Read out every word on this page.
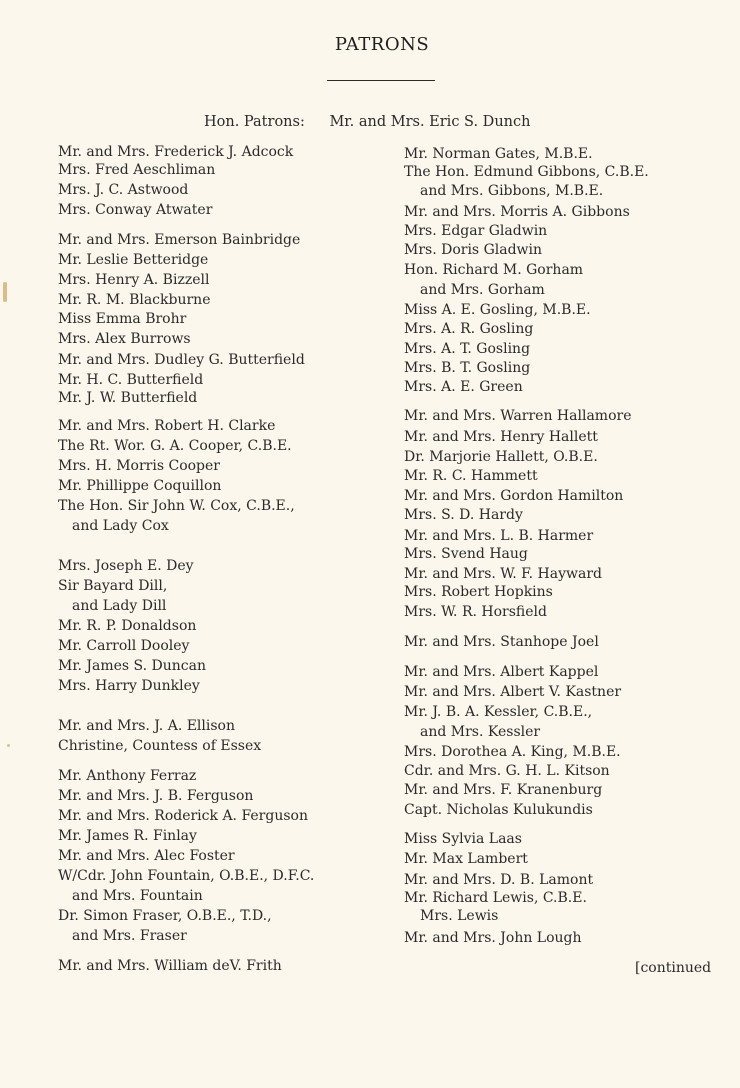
PATRONS
Hon. Patrons: Mr. and Mrs. Eric S. Dunch
Mr. and Mrs. Frederick J. Adcock
Mrs. Fred Aeschliman
Mrs. J. C. Astwood
Mrs. Conway Atwater
Mr. and Mrs. Emerson Bainbridge
Mr. Leslie Betteridge
Mrs. Henry A. Bizzell
Mr. R. M. Blackburne
Miss Emma Brohr
Mrs. Alex Burrows
Mr. and Mrs. Dudley G. Butterfield
Mr. H. C. Butterfield
Mr. J. W. Butterfield
Mr. and Mrs. Robert H. Clarke
The Rt. Wor. G. A. Cooper, C.B.E.
Mrs. H. Morris Cooper
Mr. Phillippe Coquillon
The Hon. Sir John W. Cox, C.B.E.,
and Lady Cox
Mrs. Joseph E. Dey
Sir Bayard Dill,
and Lady Dill
Mr. R. P. Donaldson
Mr. Carroll Dooley
Mr. James S. Duncan
Mrs. Harry Dunkley
Mr. and Mrs. J. A. Ellison
Christine, Countess of Essex
Mr. Anthony Ferraz
Mr. and Mrs. J. B. Ferguson
Mr. and Mrs. Roderick A. Ferguson
Mr. James R. Finlay
Mr. and Mrs. Alec Foster
W/Cdr. John Fountain, O.B.E., D.F.C.
and Mrs. Fountain
Dr. Simon Fraser, O.B.E., T.D.,
and Mrs. Fraser
Mr. and Mrs. William deV. Frith
Mr. Norman Gates, M.B.E.
The Hon. Edmund Gibbons, C.B.E.
and Mrs. Gibbons, M.B.E.
Mr. and Mrs. Morris A. Gibbons
Mrs. Edgar Gladwin
Mrs. Doris Gladwin
Hon. Richard M. Gorham
and Mrs. Gorham
Miss A. E. Gosling, M.B.E.
Mrs. A. R. Gosling
Mrs. A. T. Gosling
Mrs. B. T. Gosling
Mrs. A. E. Green
Mr. and Mrs. Warren Hallamore
Mr. and Mrs. Henry Hallett
Dr. Marjorie Hallett, O.B.E.
Mr. R. C. Hammett
Mr. and Mrs. Gordon Hamilton
Mrs. S. D. Hardy
Mr. and Mrs. L. B. Harmer
Mrs. Svend Haug
Mr. and Mrs. W. F. Hayward
Mrs. Robert Hopkins
Mrs. W. R. Horsfield
Mr. and Mrs. Stanhope Joel
Mr. and Mrs. Albert Kappel
Mr. and Mrs. Albert V. Kastner
Mr. J. B. A. Kessler, C.B.E.,
and Mrs. Kessler
Mrs. Dorothea A. King, M.B.E.
Cdr. and Mrs. G. H. L. Kitson
Mr. and Mrs. F. Kranenburg
Capt. Nicholas Kulukundis
Miss Sylvia Laas
Mr. Max Lambert
Mr. and Mrs. D. B. Lamont
Mr. Richard Lewis, C.B.E.
Mrs. Lewis
Mr. and Mrs. John Lough
[continued
